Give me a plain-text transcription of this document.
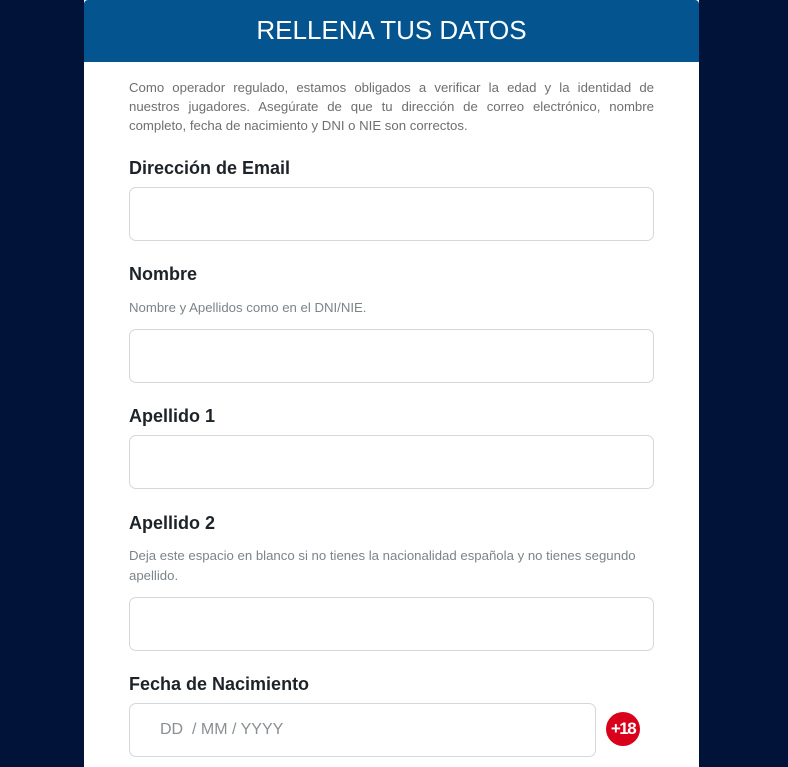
RELLENA TUS DATOS
Como operador regulado, estamos obligados a verificar la edad y la identidad de nuestros jugadores. Asegúrate de que tu dirección de correo electrónico, nombre completo, fecha de nacimiento y DNI o NIE son correctos.
Dirección de Email
Nombre
Nombre y Apellidos como en el DNI/NIE.
Apellido 1
Apellido 2
Deja este espacio en blanco si no tienes la nacionalidad española y no tienes segundo apellido.
Fecha de Nacimiento
DD / MM / YYYY
+18
